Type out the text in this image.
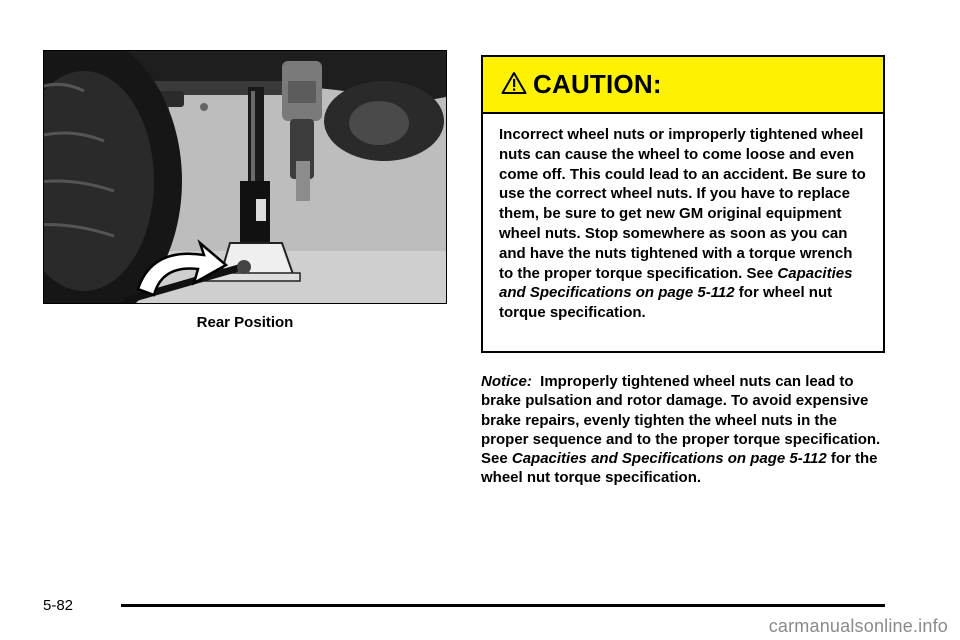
Rear Position
CAUTION:
Incorrect wheel nuts or improperly tightened wheel nuts can cause the wheel to come loose and even come off. This could lead to an accident. Be sure to use the correct wheel nuts. If you have to replace them, be sure to get new GM original equipment wheel nuts. Stop somewhere as soon as you can and have the nuts tightened with a torque wrench to the proper torque specification. See Capacities and Specifications on page 5-112 for wheel nut torque specification.
Notice:  Improperly tightened wheel nuts can lead to brake pulsation and rotor damage. To avoid expensive brake repairs, evenly tighten the wheel nuts in the proper sequence and to the proper torque specification. See Capacities and Specifications on page 5-112 for the wheel nut torque specification.
5-82
carmanualsonline.info
